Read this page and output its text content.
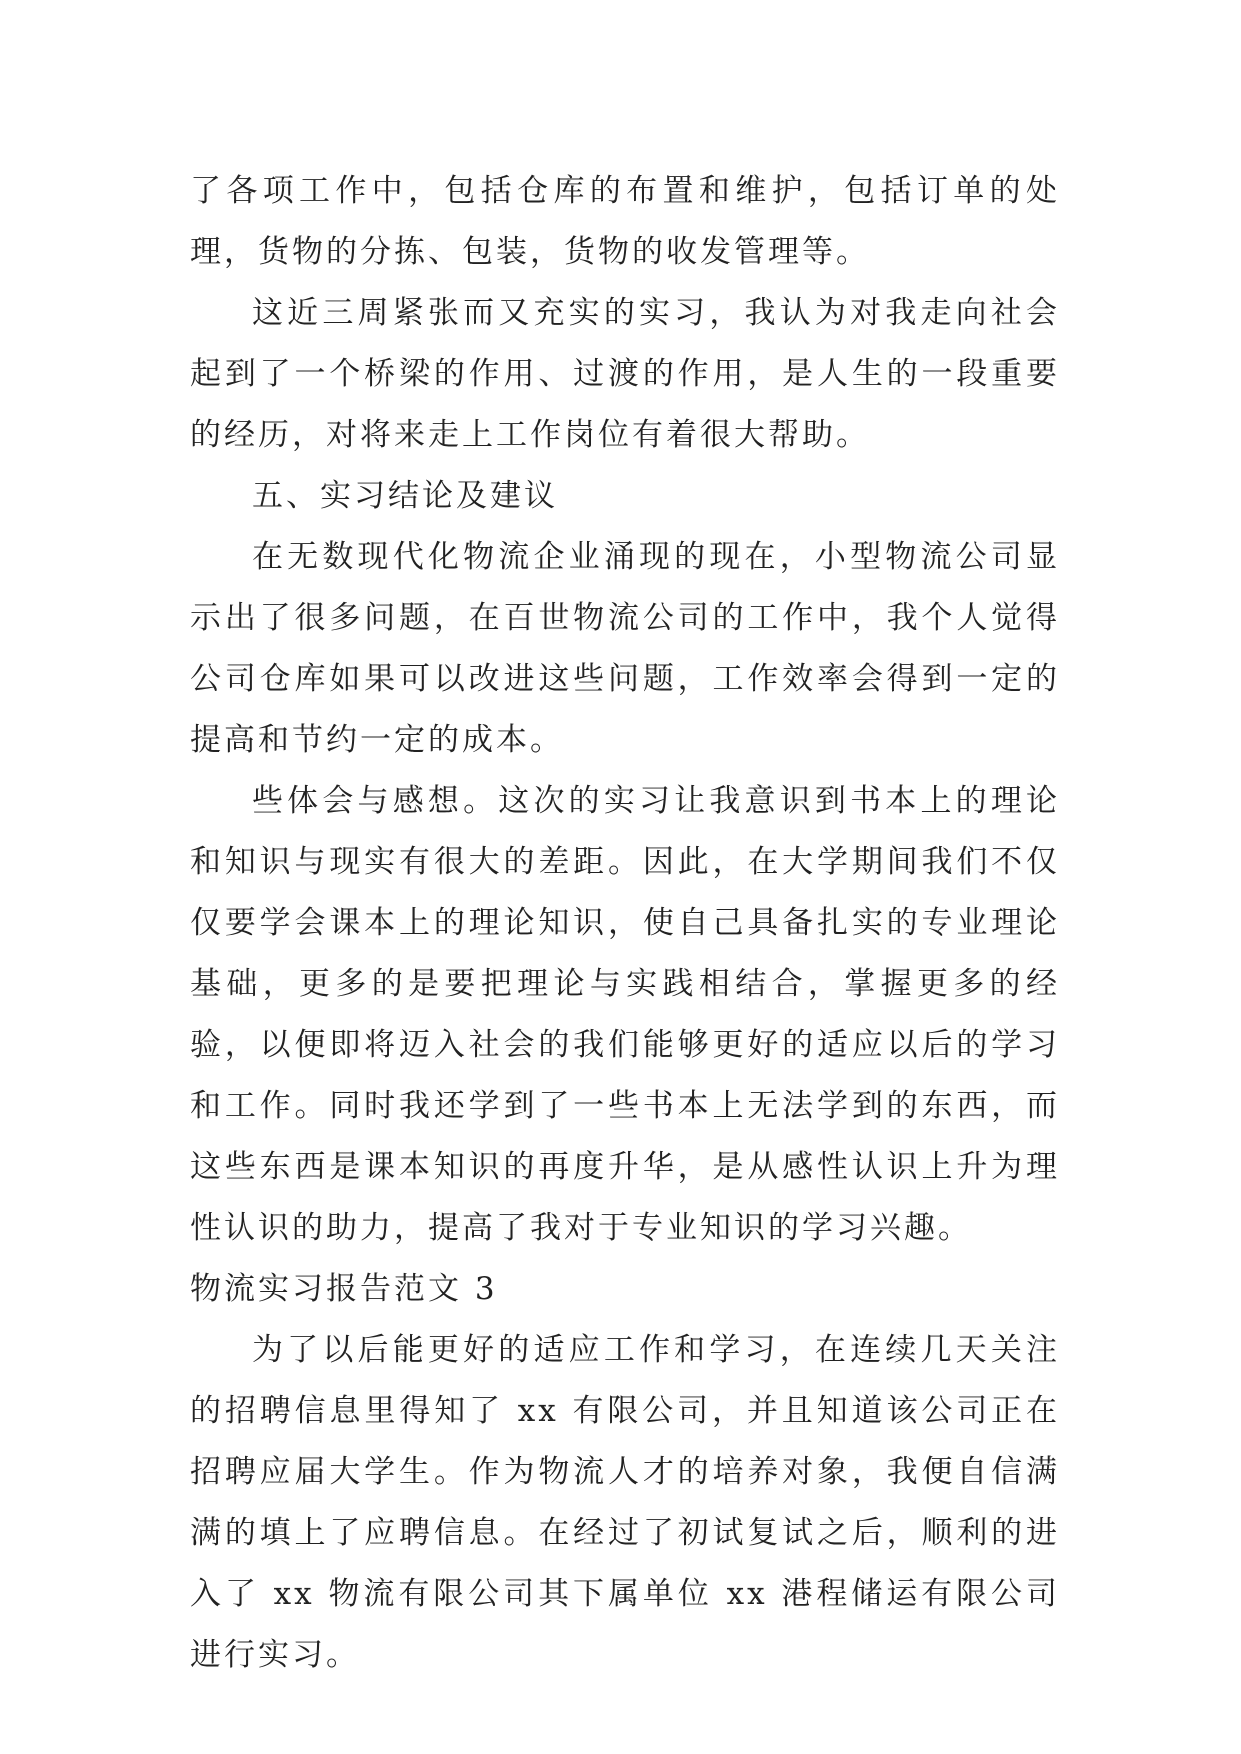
了各项工作中，包括仓库的布置和维护，包括订单的处理，货物的分拣、包装，货物的收发管理等。

这近三周紧张而又充实的实习，我认为对我走向社会起到了一个桥梁的作用、过渡的作用，是人生的一段重要的经历，对将来走上工作岗位有着很大帮助。

五、实习结论及建议

在无数现代化物流企业涌现的现在，小型物流公司显示出了很多问题，在百世物流公司的工作中，我个人觉得公司仓库如果可以改进这些问题，工作效率会得到一定的提高和节约一定的成本。

些体会与感想。这次的实习让我意识到书本上的理论和知识与现实有很大的差距。因此，在大学期间我们不仅仅要学会课本上的理论知识，使自己具备扎实的专业理论基础，更多的是要把理论与实践相结合，掌握更多的经验，以便即将迈入社会的我们能够更好的适应以后的学习和工作。同时我还学到了一些书本上无法学到的东西，而这些东西是课本知识的再度升华，是从感性认识上升为理性认识的助力，提高了我对于专业知识的学习兴趣。

物流实习报告范文 3

为了以后能更好的适应工作和学习，在连续几天关注的招聘信息里得知了 xx 有限公司，并且知道该公司正在招聘应届大学生。作为物流人才的培养对象，我便自信满满的填上了应聘信息。在经过了初试复试之后，顺利的进入了 xx 物流有限公司其下属单位 xx 港程储运有限公司进行实习。
